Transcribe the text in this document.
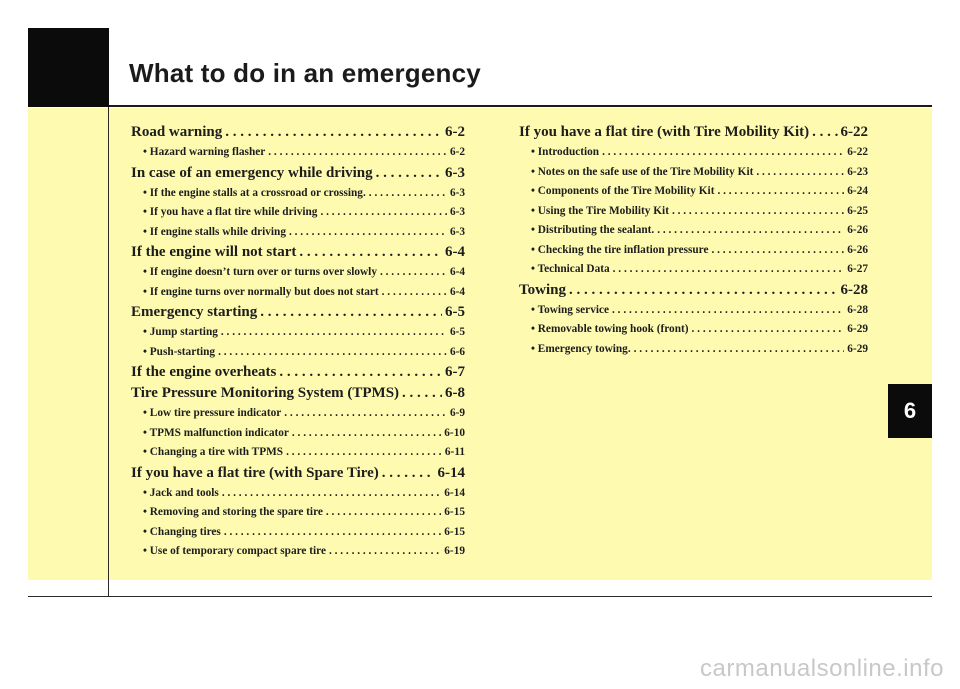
What to do in an emergency
6
Road warning . . .	6-2
• Hazard warning flasher . . .	6-2
In case of an emergency while driving . . .	6-3
• If the engine stalls at a crossroad or crossing. . . .	6-3
• If you have a flat tire while driving . . .	6-3
• If engine stalls while driving . . .	6-3
If the engine will not start . . .	6-4
• If engine doesn’t turn over or turns over slowly . . .	6-4
• If engine turns over normally but does not start . . .	6-4
Emergency starting . . .	6-5
• Jump starting . . .	6-5
• Push-starting . . .	6-6
If the engine overheats . . .	6-7
Tire Pressure Monitoring System (TPMS) . . .	6-8
• Low tire pressure indicator . . .	6-9
• TPMS malfunction indicator . . .	6-10
• Changing a tire with TPMS . . .	6-11
If you have a flat tire (with Spare Tire) . . .	6-14
• Jack and tools . . .	6-14
• Removing and storing the spare tire . . .	6-15
• Changing tires . . .	6-15
• Use of temporary compact spare tire . . .	6-19
If you have a flat tire (with Tire Mobility Kit) . . . 6-22
• Introduction . . .	6-22
• Notes on the safe use of the Tire Mobility Kit . . .	6-23
• Components of the Tire Mobility Kit . . .	6-24
• Using the Tire Mobility Kit . . .	6-25
• Distributing the sealant. . . .	6-26
• Checking the tire inflation pressure . . .	6-26
• Technical Data . . .	6-27
Towing . . .	6-28
• Towing service . . .	6-28
• Removable towing hook (front) . . .	6-29
• Emergency towing. . . .	6-29
carmanualsonline.info
